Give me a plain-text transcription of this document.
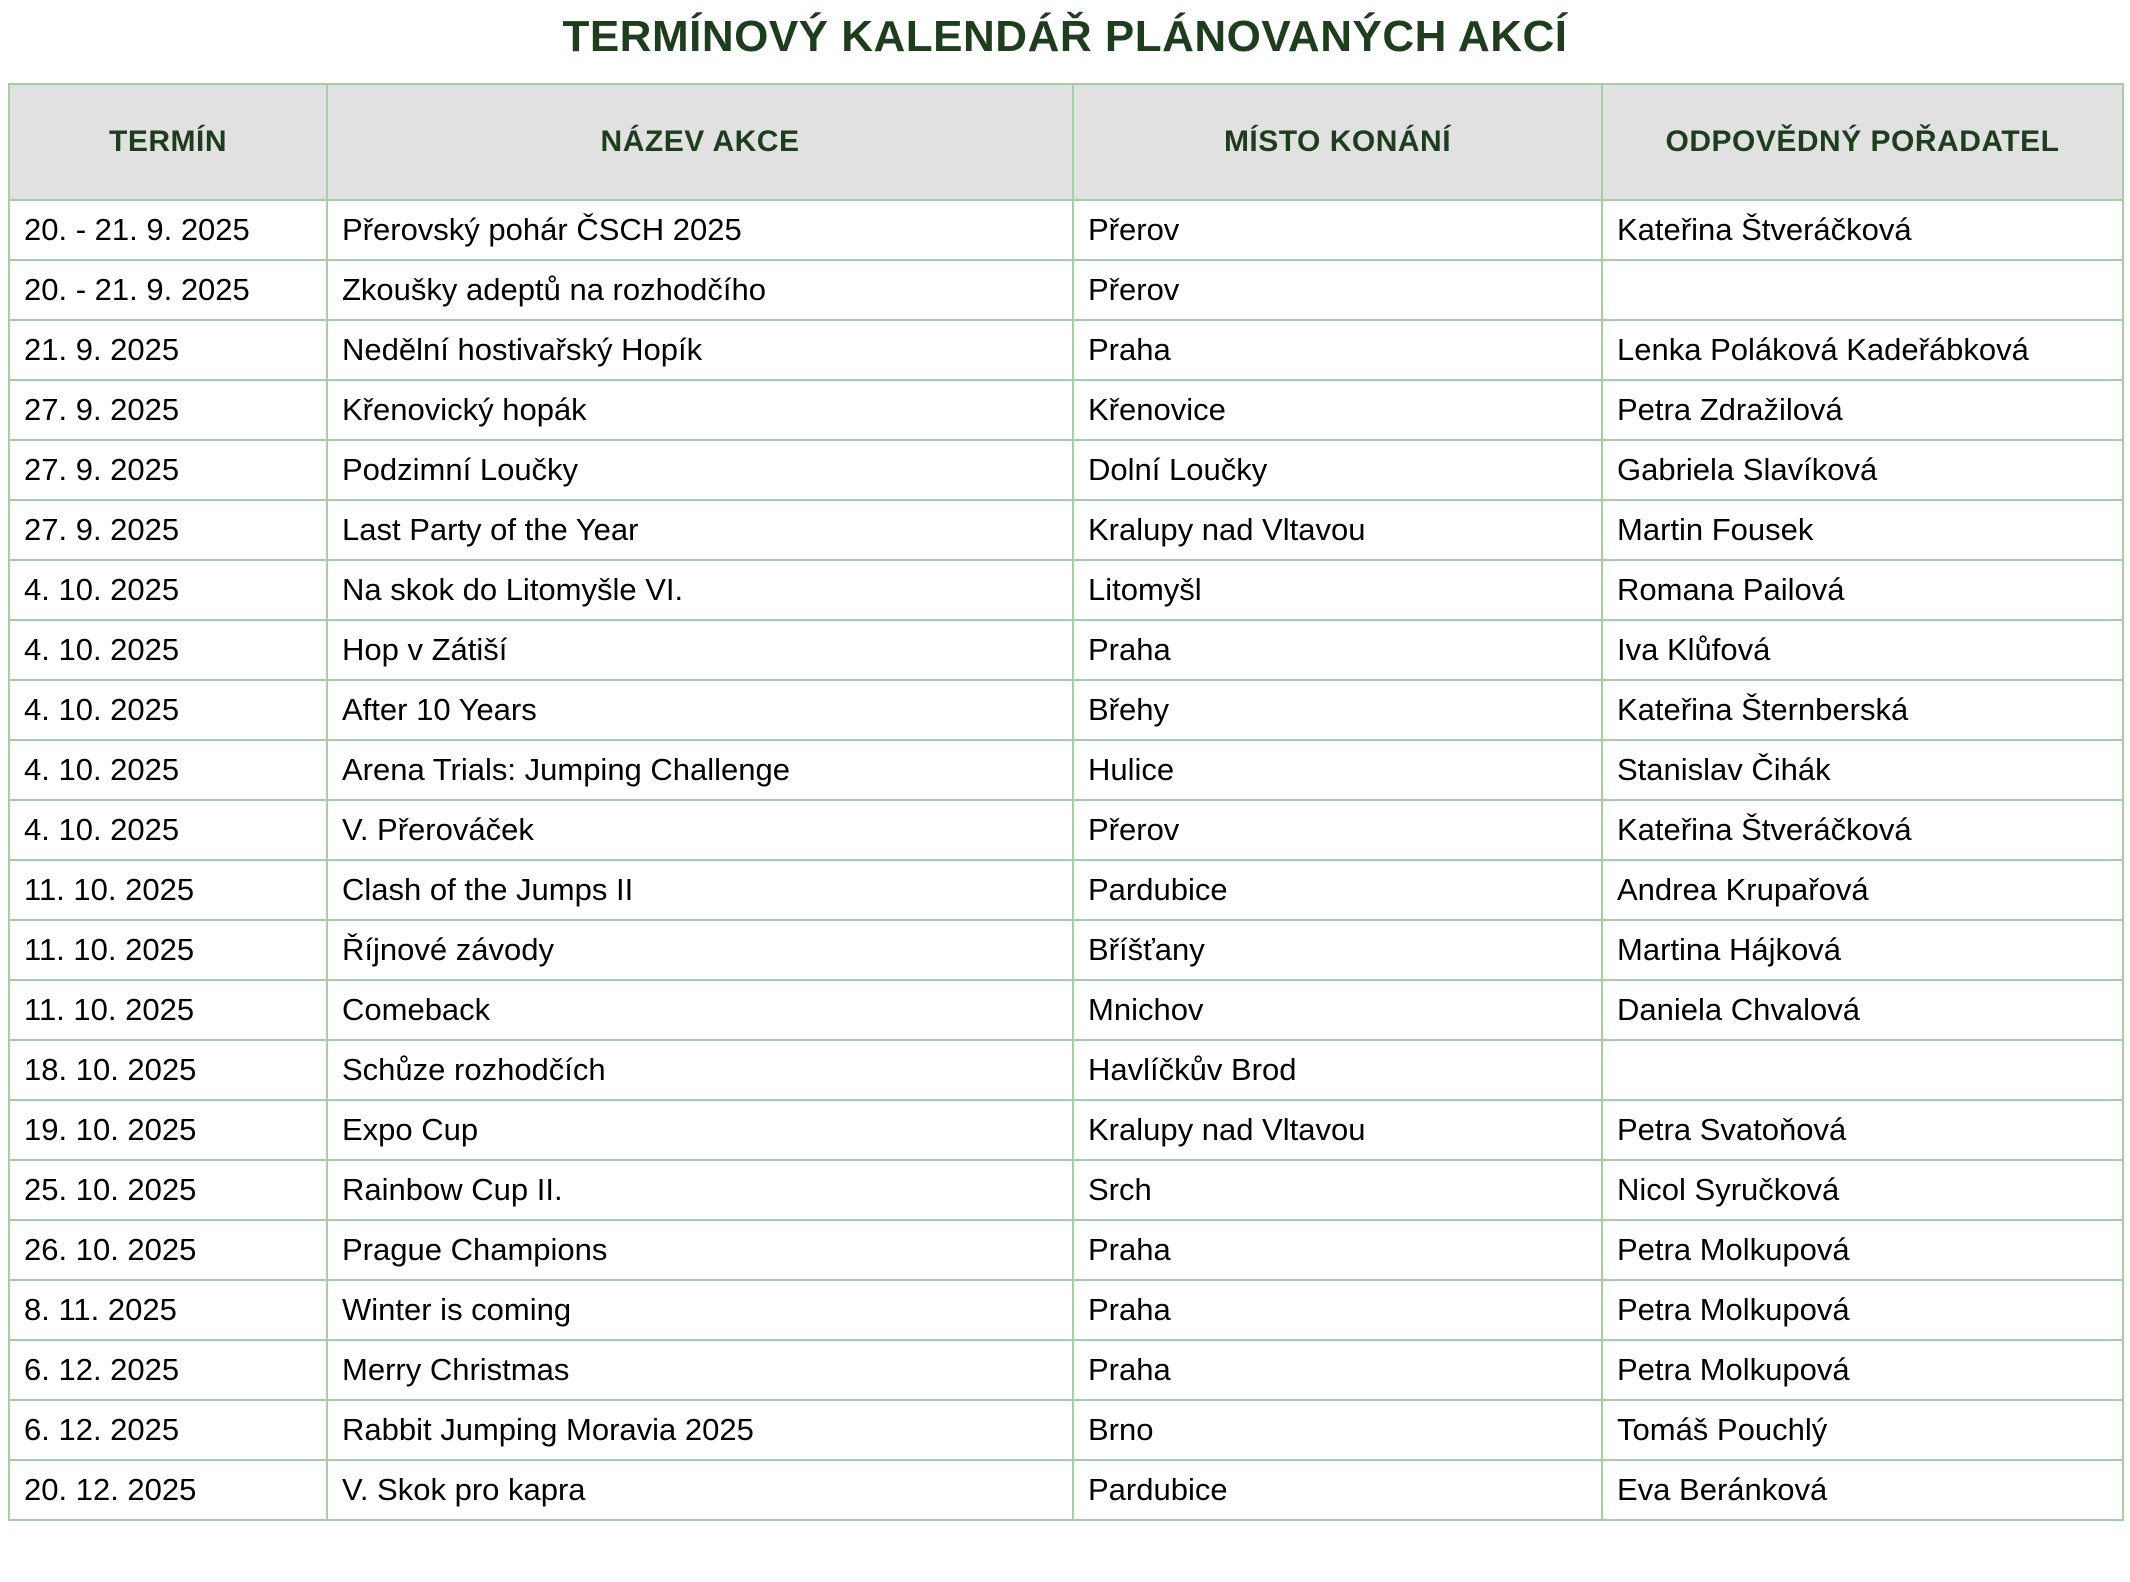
TERMÍNOVÝ KALENDÁŘ PLÁNOVANÝCH AKCÍ
TERMÍN	NÁZEV AKCE	MÍSTO KONÁNÍ	ODPOVĚDNÝ POŘADATEL
20. - 21. 9. 2025	Přerovský pohár ČSCH 2025	Přerov	Kateřina Štveráčková
20. - 21. 9. 2025	Zkoušky adeptů na rozhodčího	Přerov	
21. 9. 2025	Nedělní hostivařský Hopík	Praha	Lenka Poláková Kadeřábková
27. 9. 2025	Křenovický hopák	Křenovice	Petra Zdražilová
27. 9. 2025	Podzimní Loučky	Dolní Loučky	Gabriela Slavíková
27. 9. 2025	Last Party of the Year	Kralupy nad Vltavou	Martin Fousek
4. 10. 2025	Na skok do Litomyšle VI.	Litomyšl	Romana Pailová
4. 10. 2025	Hop v Zátiší	Praha	Iva Klůfová
4. 10. 2025	After 10 Years	Břehy	Kateřina Šternberská
4. 10. 2025	Arena Trials: Jumping Challenge	Hulice	Stanislav Čihák
4. 10. 2025	V. Přerováček	Přerov	Kateřina Štveráčková
11. 10. 2025	Clash of the Jumps II	Pardubice	Andrea Krupařová
11. 10. 2025	Říjnové závody	Bříšťany	Martina Hájková
11. 10. 2025	Comeback	Mnichov	Daniela Chvalová
18. 10. 2025	Schůze rozhodčích	Havlíčkův Brod	
19. 10. 2025	Expo Cup	Kralupy nad Vltavou	Petra Svatoňová
25. 10. 2025	Rainbow Cup II.	Srch	Nicol Syručková
26. 10. 2025	Prague Champions	Praha	Petra Molkupová
8. 11. 2025	Winter is coming	Praha	Petra Molkupová
6. 12. 2025	Merry Christmas	Praha	Petra Molkupová
6. 12. 2025	Rabbit Jumping Moravia 2025	Brno	Tomáš Pouchlý
20. 12. 2025	V. Skok pro kapra	Pardubice	Eva Beránková
